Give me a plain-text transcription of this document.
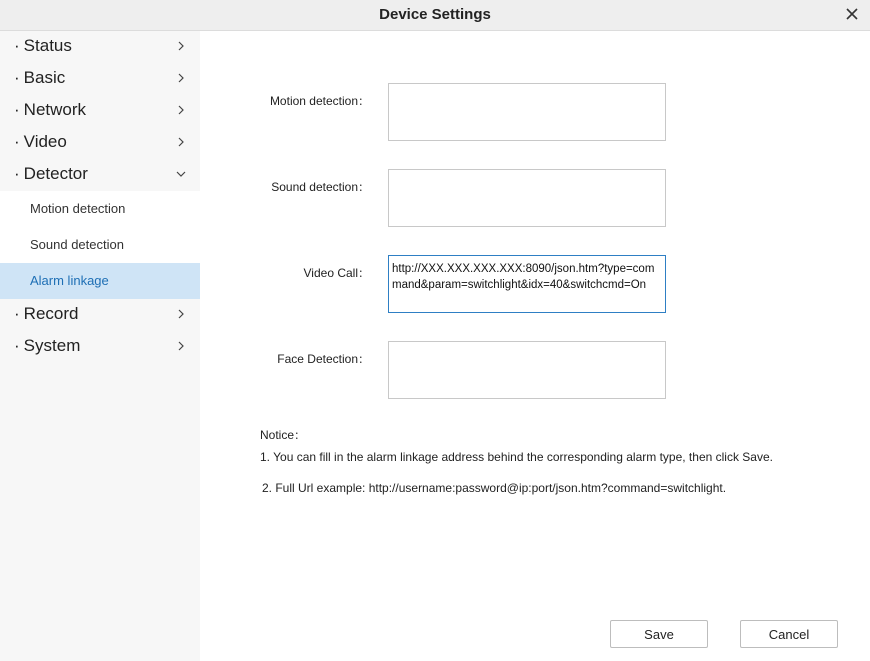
Device Settings
· Status
· Basic
· Network
· Video
· Detector
Motion detection
Sound detection
Alarm linkage
· Record
· System
Motion detection：
Sound detection：
Video Call：	http://XXX.XXX.XXX.XXX:8090/json.htm?type=command&param=switchlight&idx=40&switchcmd=On
Face Detection：
Notice：
1. You can fill in the alarm linkage address behind the corresponding alarm type, then click Save.
2. Full Url example: http://username:password@ip:port/json.htm?command=switchlight.
Save	Cancel
